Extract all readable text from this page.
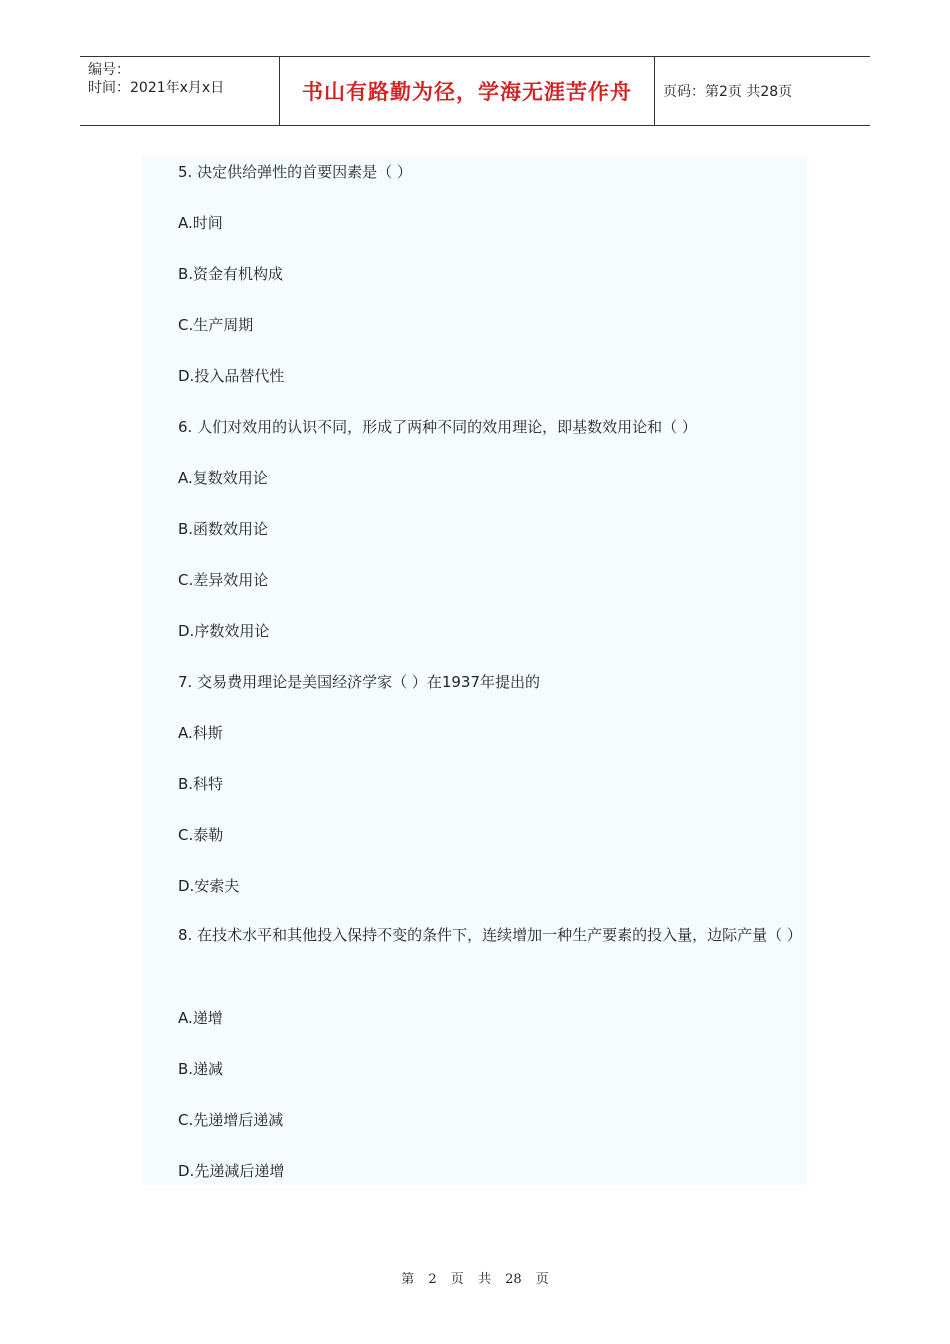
编号：
时间：2021年x月x日	书山有路勤为径，学海无涯苦作舟	页码：第2页 共28页
5. 决定供给弹性的首要因素是（ ）
A.时间
B.资金有机构成
C.生产周期
D.投入品替代性
6. 人们对效用的认识不同，形成了两种不同的效用理论，即基数效用论和（ ）
A.复数效用论
B.函数效用论
C.差异效用论
D.序数效用论
7. 交易费用理论是美国经济学家（ ）在1937年提出的
A.科斯
B.科特
C.泰勒
D.安索夫
8. 在技术水平和其他投入保持不变的条件下，连续增加一种生产要素的投入量，边际产量（ ）
A.递增
B.递减
C.先递增后递减
D.先递减后递增
第 2 页 共 28 页
